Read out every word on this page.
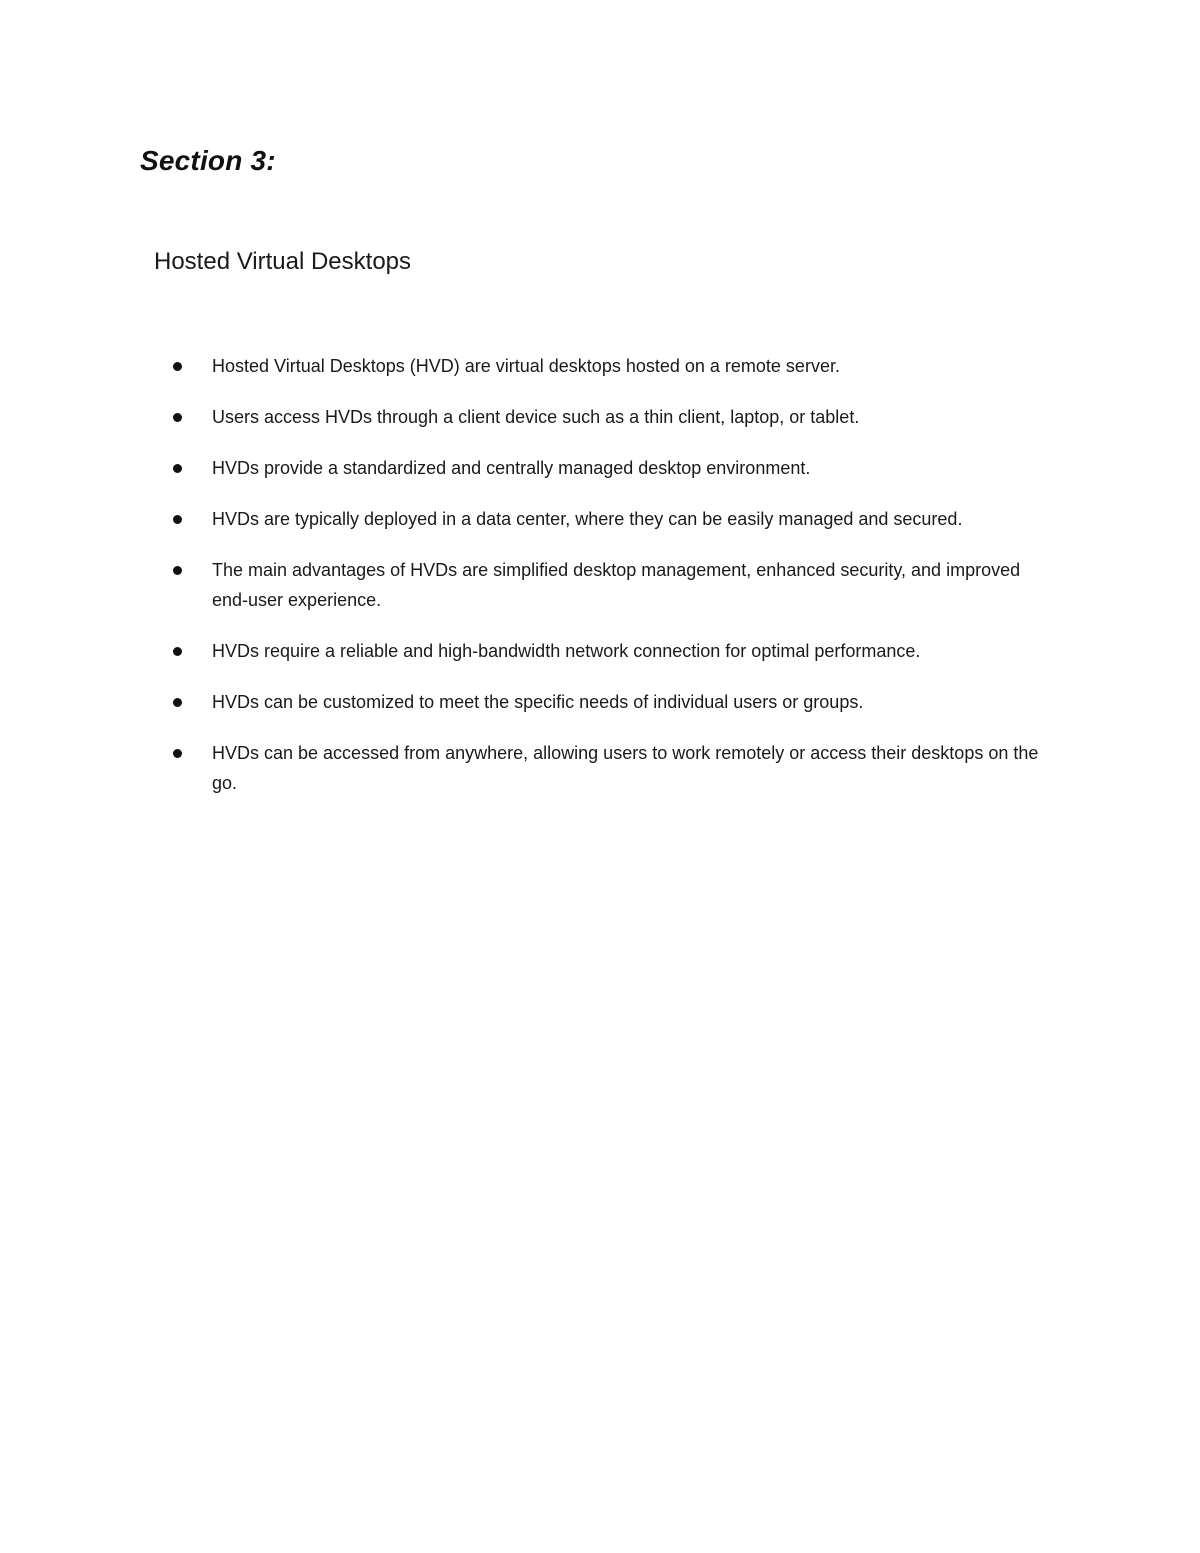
Section 3:
Hosted Virtual Desktops
Hosted Virtual Desktops (HVD) are virtual desktops hosted on a remote server.
Users access HVDs through a client device such as a thin client, laptop, or tablet.
HVDs provide a standardized and centrally managed desktop environment.
HVDs are typically deployed in a data center, where they can be easily managed and secured.
The main advantages of HVDs are simplified desktop management, enhanced security, and improved end-user experience.
HVDs require a reliable and high-bandwidth network connection for optimal performance.
HVDs can be customized to meet the specific needs of individual users or groups.
HVDs can be accessed from anywhere, allowing users to work remotely or access their desktops on the go.
